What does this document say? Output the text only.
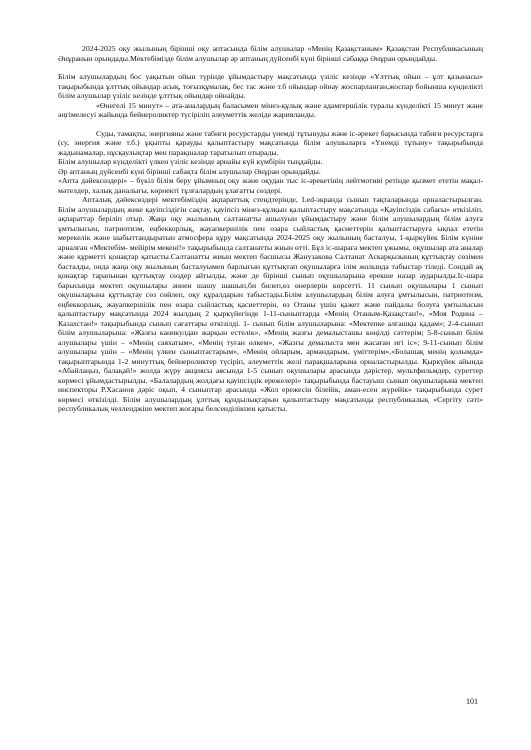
2024-2025 оқу жылының бірінші оқу аптасында білім алушылар «Менің Қазақстаным» Қазақстан Республикасының Әнұранын орындады.Мектебімізде білім алушылар әр аптаның дүйсенбі күні бірінші сабаққа Әнұран орындайды.

Білім алушылардың бос уақытын ойын түрінде ұйымдастыру мақсатында үзіліс кезінде «Ұлттық ойын – ұлт қазынасы» тақырыбында ұлттық ойындар асық, тоғызқұмалақ, бес тас және т.б ойындар ойнау жоспарланған,жоспар бойынша күнделікті білім алушылар үзіліс кезінде ұлттық ойындар ойнайды.

«Өнегелі 15 минут» – ата-аналардың баласымен мінез-құлық және адамгершілік туралы күнделікті 15 минут және әңгімелесуі жайында бейнероликтер түсіріліп әлеуметтік желіде жарияланды.

Суды, тамақты, энергияны және табиғи ресурстарды үнемді тұтынуды және іс-әрекет барысында табиғи ресурстарға (су, энергия және т.б.) ұқыпты қарауды қалыптастыру мақсатында білім алушыларға «Үнемді тұтыну» тақырыбында жадынамалар, нұсқаулықтар мен парақшалар таратылып отырады.

Білім алушылар күнделікті үлкен үзіліс кезінде арнайы күй күмбірін тыңдайды.

Әр аптаның дүйсенбі күні бірінші сабақта білім алушылар Әнұран орындайды.

«Апта дәйексөздері» – бүкіл білім беру ұйымның оқу және оқудан тыс іс-әрекетінің лейтмотиві ретінде қызмет ететін мақал-мәтелдер, халық даналығы, көрнекті тұлғалардың ұлағатты сөздері.

Апталық дәйексөздері мектебіміздің ақпараттық стендтерінде, Led-экранда сынып тақталарында орналастырылған. Білім алушылардың жеке қауіпсіздігін сақтау, қауіпсіз мінез-құлқын қалыптастыру мақсатында «Қауіпсіздік сабағы» өткізіліп, ақпараттар беріліп отыр. Жаңа оқу жылының салтанатты ашылуын ұйымдастыру және білім алушылардың білім алуға ұмтылысын, патриотизм, еңбеккорлық, жауапкершілік пен озара сыйластық қасиеттерін қалыптастыруға ықпал ететін мерекелік және шабыттандыратын атмосфера құру мақсатында 2024-2025 оқу жылының басталуы, 1-қыркүйек Білім күніне арналған «Мектебім- мейірім мекені!» тақырыбында салтанатты жиын өтті. Бұл іс-шараға мектеп ұжымы, оқушылар ата аналар және құрметті қонақтар қатысты.Салтанатты жиын мектеп басшысы Жанузакова Салтанат Аскарқызының құттықтау сөзімен басталды, онда жаңа оқу жылының басталуымен барлығын құттықтап оқушыларға ілім жолында табыстар тіледі. Сондай ақ қонақтар тарапынан құттықтау сөздер айтылды, және де бірінші сынып оқушыларына ерекше назар аударылды.Іс-шара барысында мектеп оқушылары әннен шашу шашып,би билеп,өз өнерлерін көрсетті. 11 сынып оқушылары 1 сынып оқушыларына құттықтау сөз сөйлеп, оқу құралдарын табыстады.Білім алушылардың білім алуға ұмтылысын, патриотизм, еңбеккорлық, жауапкершілік пен өзара сыйластық қасиеттерін, өз Отаны үшін қажет және пайдалы болуға ұмтылысын қалыптастыру мақсатында 2024 жылдың 2 қыркүйегінде 1-11-сыныптарда «Менің Отаным-Қазақстан!», «Моя Родина – Казахстан!» тақырыбында сынып сағаттары өткізілді. 1- сынып білім алушыларына: «Мектепке алғашқы қадам»; 2-4-сынып білім алушыларына: «Жазғы каникулдан жарқын естелік», «Менің жазғы демалысташы көңілді сәттерім; 5-8-сынып білім алушылары үшін – «Менің саяхатым», «Менің туған өлкем», «Жазғы демалыста мен жасаған игі іс»; 9-11-сынып білім алушылары үшін – «Менің үлкен сыныптастарым», «Менің ойларым, армандарым, үміттерім»,«Болашақ менің қолымда» тақырыптарында 1-2 минуттық бейнероликтер түсіріп, әлеуметтік желі парақшаларына орналастырылды. Қыркүйек айында «Абайлаңыз, балақай!» жолда жүру акциясы аясында 1-5 сынып оқушылары арасында дәрістер, мультфильмдер, суреттер көрмесі ұйымдастырылды. «Балалардың жолдағы қауіпсіздік ережелері» тақырыбында бастауыш сынып оқушыларына мектеп инспекторы Р.Хасанов дәріс оқып, 4 сыныптар арасында «Жол ережесін білейік, аман-есен жүрейік» тақырыбында сурет көрмесі өткізілді. Білім алушылардың ұлттық құндылықтарын қалыптастыру мақсатында республикалық «Сергіту сәті» республикалық челленджіне мектеп жоғары белсенділікпен қатысты.

101
